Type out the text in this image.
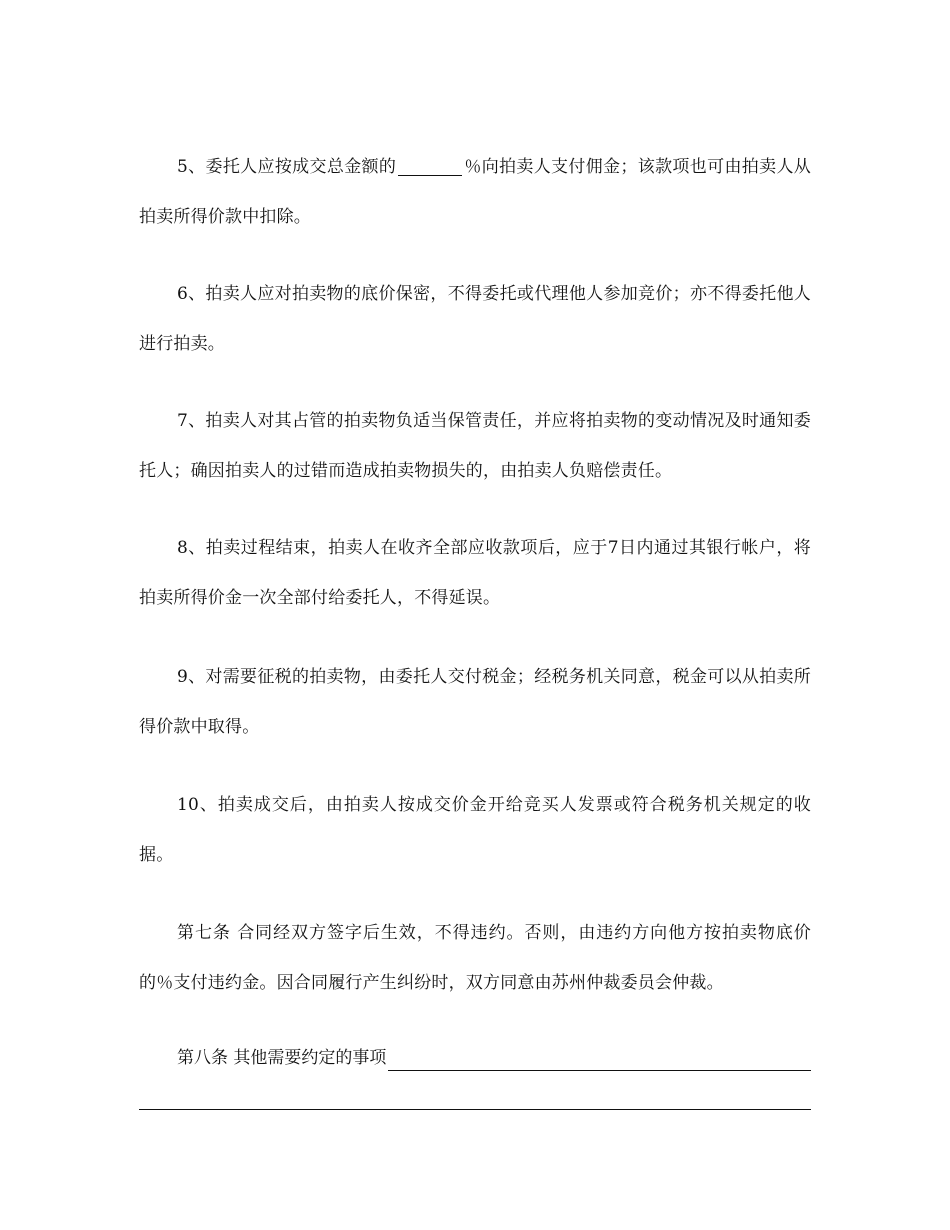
5、委托人应按成交总金额的	％向拍卖人支付佣金；该款项也可由拍卖人从拍卖所得价款中扣除。

6、拍卖人应对拍卖物的底价保密，不得委托或代理他人参加竞价；亦不得委托他人进行拍卖。

7、拍卖人对其占管的拍卖物负适当保管责任，并应将拍卖物的变动情况及时通知委托人；确因拍卖人的过错而造成拍卖物损失的，由拍卖人负赔偿责任。

8、拍卖过程结束，拍卖人在收齐全部应收款项后，应于7日内通过其银行帐户，将拍卖所得价金一次全部付给委托人，不得延误。

9、对需要征税的拍卖物，由委托人交付税金；经税务机关同意，税金可以从拍卖所得价款中取得。

10、拍卖成交后，由拍卖人按成交价金开给竞买人发票或符合税务机关规定的收据。

第七条 合同经双方签字后生效，不得违约。否则，由违约方向他方按拍卖物底价的％支付违约金。因合同履行产生纠纷时，双方同意由苏州仲裁委员会仲裁。

第八条 其他需要约定的事项
